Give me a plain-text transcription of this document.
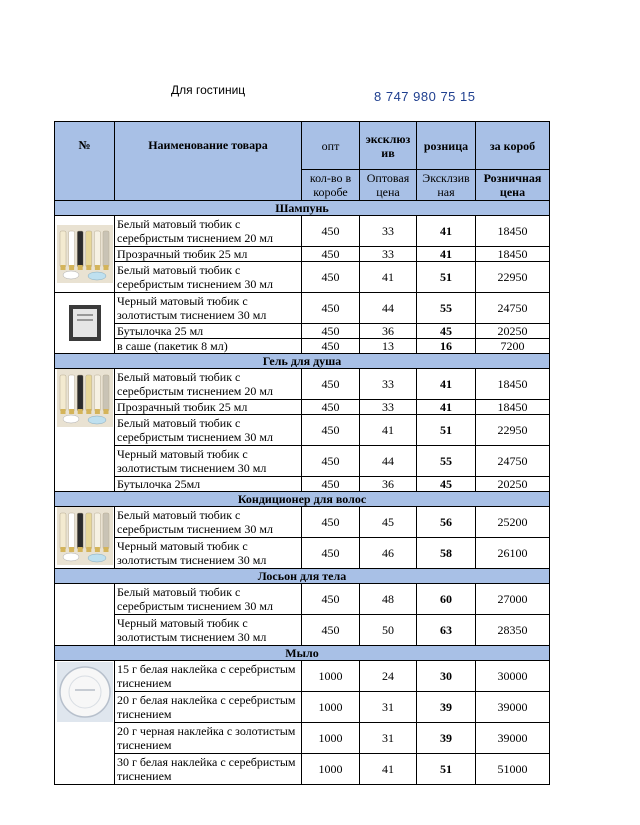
Для гостиниц	8 747 980 75 15
№	Наименование товара	опт	эксклюз ив	розница	за короб
		кол-во в коробе	Оптовая цена	Эксклзив ная	Розничная цена
Шампунь					

	Белый матовый тюбик с серебристым тиснением 20 мл	450	33	41	18450
	Прозрачный тюбик 25 мл	450	33	41	18450
	Белый матовый тюбик с серебристым тиснением 30 мл	450	41	51	22950

	Черный матовый тюбик с золотистым тиснением 30 мл	450	44	55	24750
	Бутылочка 25 мл	450	36	45	20250
	в саше (пакетик 8 мл)	450	13	16	7200
Гель для душа					

	Белый матовый тюбик с серебристым тиснением 20 мл	450	33	41	18450
	Прозрачный тюбик 25 мл	450	33	41	18450
	Белый матовый тюбик с серебристым тиснением 30 мл	450	41	51	22950
	Черный матовый тюбик с золотистым тиснением 30 мл	450	44	55	24750
	Бутылочка 25мл	450	36	45	20250
Кондиционер для волос					

	Белый матовый тюбик с серебристым тиснением 30 мл	450	45	56	25200
	Черный матовый тюбик с золотистым тиснением 30 мл	450	46	58	26100
Лосьон для тела					
	Белый матовый тюбик с серебристым тиснением 30 мл	450	48	60	27000
	Черный матовый тюбик с золотистым тиснением 30 мл	450	50	63	28350
Мыло					

	15 г белая наклейка с серебристым тиснением	1000	24	30	30000
	20 г белая наклейка с серебристым тиснением	1000	31	39	39000
	20 г черная наклейка с золотистым тиснением	1000	31	39	39000
	30 г белая наклейка с серебристым тиснением	1000	41	51	51000
